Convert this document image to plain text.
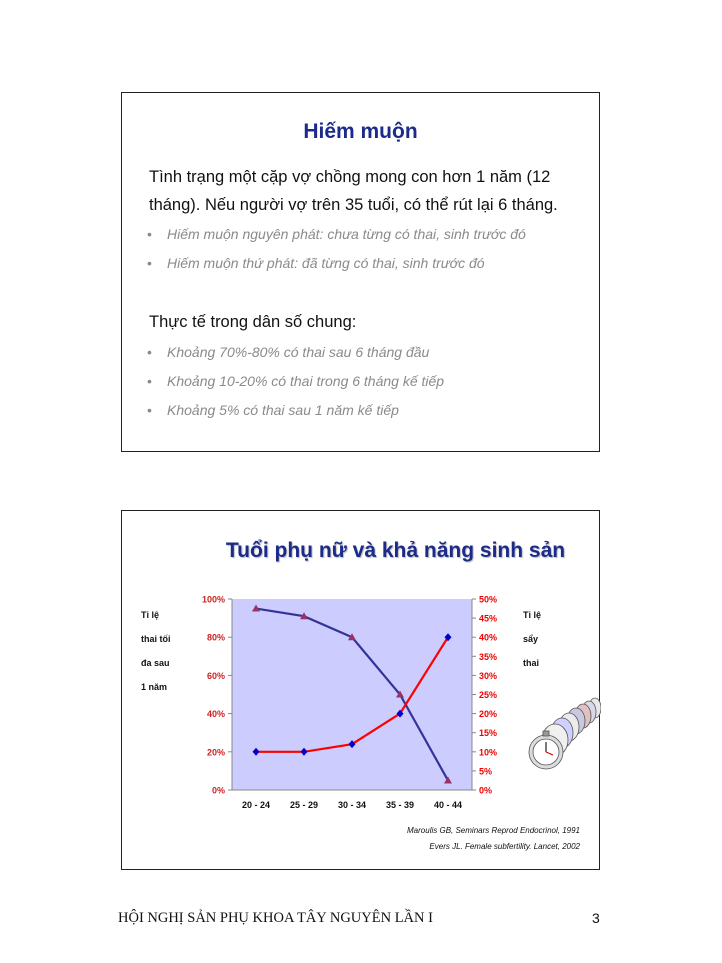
Hiếm muộn
Tình trạng một cặp vợ chồng mong con hơn 1 năm (12
tháng). Nếu người vợ trên 35 tuổi, có thể rút lại 6 tháng.
• Hiếm muộn nguyên phát: chưa từng có thai, sinh trước đó
• Hiếm muộn thứ phát: đã từng có thai, sinh trước đó
Thực tế trong dân số chung:
• Khoảng 70%-80% có thai sau 6 tháng đầu
• Khoảng 10-20% có thai trong 6 tháng kế tiếp
• Khoảng 5% có thai sau 1 năm kế tiếp
Tuổi phụ nữ và khả năng sinh sản
Tỉ lệ
thai tối
đa sau
1 năm
Tỉ lệ
sẩy
thai
0%
20%
40%
60%
80%
100%
0%
5%
10%
15%
20%
25%
30%
35%
40%
45%
50%
20 - 24 25 - 29 30 - 34 35 - 39 40 - 44
Maroulis GB, Seminars Reprod Endocrinol, 1991
Evers JL. Female subfertility. Lancet, 2002
HỘI NGHỊ SẢN PHỤ KHOA TÂY NGUYÊN LẦN I	3
